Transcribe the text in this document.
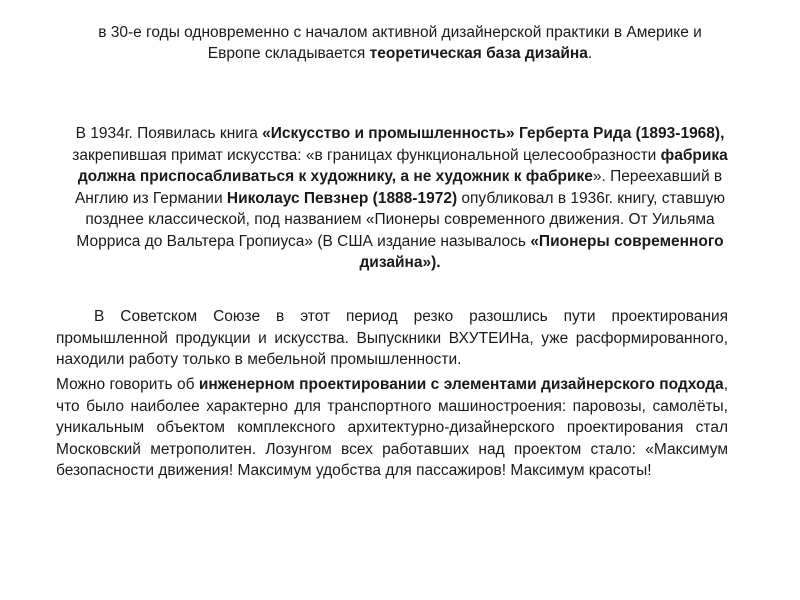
в 30-е годы одновременно с началом активной дизайнерской практики в Америке и Европе складывается теоретическая база дизайна.

В 1934г. Появилась книга «Искусство и промышленность» Герберта Рида (1893-1968), закрепившая примат искусства: «в границах функциональной целесообразности фабрика должна приспосабливаться к художнику, а не художник к фабрике». Переехавший в Англию из Германии Николаус Певзнер (1888-1972) опубликовал в 1936г. книгу, ставшую позднее классической, под названием «Пионеры современного движения. От Уильяма Морриса до Вальтера Гропиуса» (В США издание называлось «Пионеры современного дизайна»).

В Советском Союзе в этот период резко разошлись пути проектирования промышленной продукции и искусства. Выпускники ВХУТЕИНа, уже расформированного, находили работу только в мебельной промышленности.

Можно говорить об инженерном проектировании с элементами дизайнерского подхода, что было наиболее характерно для транспортного машиностроения: паровозы, самолёты, уникальным объектом комплексного архитектурно-дизайнерского проектирования стал Московский метрополитен. Лозунгом всех работавших над проектом стало: «Максимум безопасности движения! Максимум удобства для пассажиров! Максимум красоты!
